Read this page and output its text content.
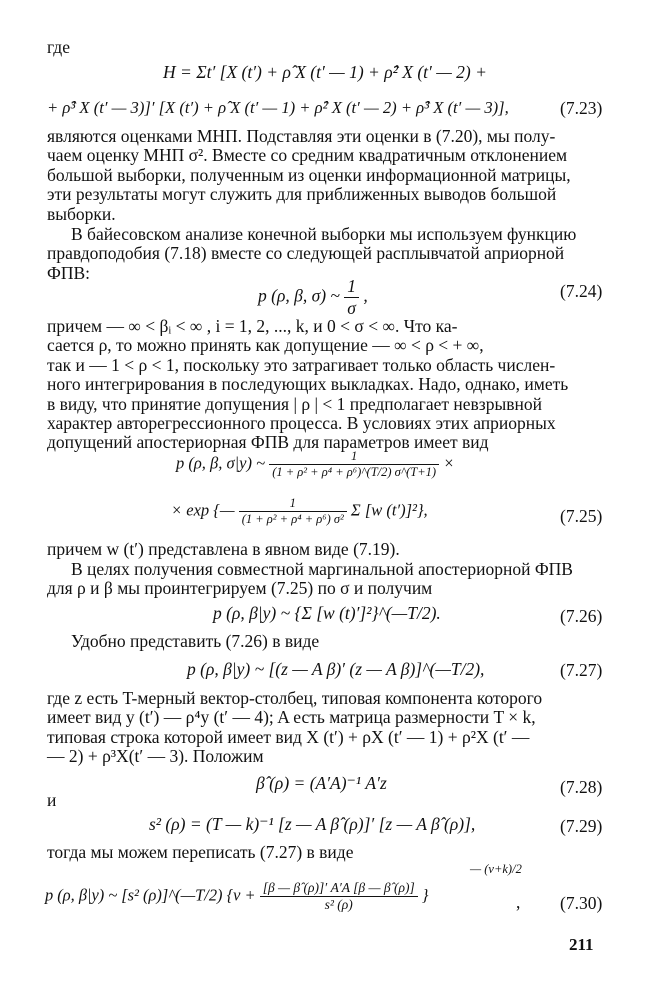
где
H = Σt′ [X (t′) + ρ̂ X (t′ — 1) + ρ̂² X (t′ — 2) +
+ ρ̂³ X (t′ — 3)]′ [X (t′) + ρ̂ X (t′ — 1) + ρ̂² X (t′ — 2) + ρ̂³ X (t′ — 3)],	(7.23)
являются оценками МНП. Подставляя эти оценки в (7.20), мы полу-
чаем оценку МНП σ². Вместе со средним квадратичным отклонением
большой выборки, полученным из оценки информационной матрицы,
эти результаты могут служить для приближенных выводов большой
выборки.
В байесовском анализе конечной выборки мы используем функцию
правдоподобия (7.18) вместе со следующей расплывчатой априорной
ФПВ:
p (ρ, β, σ) ~ $\frac{1}{\sigma}$ ,	(7.24)
причем — ∞ < βᵢ < ∞ , i = 1, 2, ..., k, и 0 < σ < ∞. Что ка-
сается ρ, то можно принять как допущение — ∞ < ρ < + ∞,
так и — 1 < ρ < 1, поскольку это затрагивает только область числен-
ного интегрирования в последующих выкладках. Надо, однако, иметь
в виду, что принятие допущения | ρ | < 1 предполагает невзрывной
характер авторегрессионного процесса. В условиях этих априорных
допущений апостериорная ФПВ для параметров имеет вид
p (ρ, β, σ|y) ~ $\frac{1}{\text{(1 + ρ² + ρ⁴ + ρ⁶)\textasciicircum{}(T/2) σ\textasciicircum{}(T+1)}}$ ×
× exp {— $\frac{1}{\text{(1 + ρ² + ρ⁴ + ρ⁶) σ²}}$ Σ [w (t′)]²},	(7.25)
причем w (t′) представлена в явном виде (7.19).
В целях получения совместной маргинальной апостериорной ФПВ
для ρ и β мы проинтегрируем (7.25) по σ и получим
p (ρ, β|y) ~ {Σ [w (t)′]²}^(—T/2).	(7.26)
Удобно представить (7.26) в виде
p (ρ, β|y) ~ [(z — A β)′ (z — A β)]^(—T/2),	(7.27)
где z есть T-мерный вектор-столбец, типовая компонента которого
имеет вид y (t′) — ρ⁴y (t′ — 4); A есть матрица размерности T × k,
типовая строка которой имеет вид X (t′) + ρX (t′ — 1) + ρ²X (t′ —
— 2) + ρ³X(t′ — 3). Положим
β̂ (ρ) = (A′A)⁻¹ A′z	(7.28)
и
s² (ρ) = (T — k)⁻¹ [z — A β̂ (ρ)]′ [z — A β̂ (ρ)],	(7.29)
тогда мы можем переписать (7.27) в виде
— (ν+k)/2
p (ρ, β|y) ~ [s² (ρ)]^(—T/2) {$\nu + \frac{[\beta — \betâ (\rho)]' A'A [\beta — \betâ (\rho)]}{\text{s² (ρ)}}$ }	, (7.30)
211
